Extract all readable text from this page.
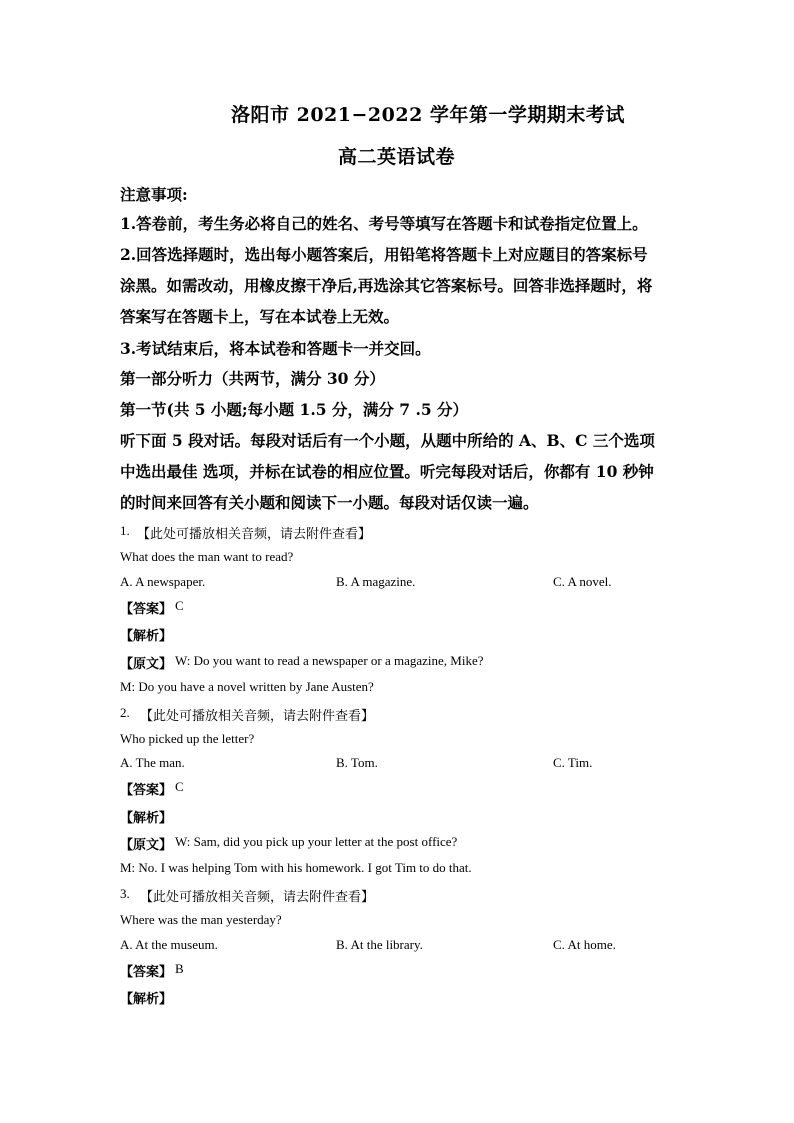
洛阳市 2021−2022 学年第一学期期末考试
高二英语试卷
注意事项:
1.答卷前，考生务必将自己的姓名、考号等填写在答题卡和试卷指定位置上。
2.回答选择题时，选出每小题答案后，用铅笔将答题卡上对应题目的答案标号
涂黑。如需改动，用橡皮擦干净后,再选涂其它答案标号。回答非选择题时，将
答案写在答题卡上，写在本试卷上无效。
3.考试结束后，将本试卷和答题卡一并交回。
第一部分听力（共两节，满分 30 分）
第一节(共 5 小题;每小题 1.5 分，满分 7 .5 分）
听下面 5 段对话。每段对话后有一个小题，从题中所给的 A、B、C 三个选项
中选出最佳 选项，并标在试卷的相应位置。听完每段对话后，你都有 10 秒钟
的时间来回答有关小题和阅读下一小题。每段对话仅读一遍。
1. 【此处可播放相关音频，请去附件查看】
What does the man want to read?
A. A newspaper.	B. A magazine.	C. A novel.
【答案】 C
【解析】
【原文】 W: Do you want to read a newspaper or a magazine, Mike?
M: Do you have a novel written by Jane Austen?
2. 【此处可播放相关音频，请去附件查看】
Who picked up the letter?
A. The man.	B. Tom.	C. Tim.
【答案】 C
【解析】
【原文】 W: Sam, did you pick up your letter at the post office?
M: No. I was helping Tom with his homework. I got Tim to do that.
3. 【此处可播放相关音频，请去附件查看】
Where was the man yesterday?
A. At the museum.	B. At the library.	C. At home.
【答案】 B
【解析】
